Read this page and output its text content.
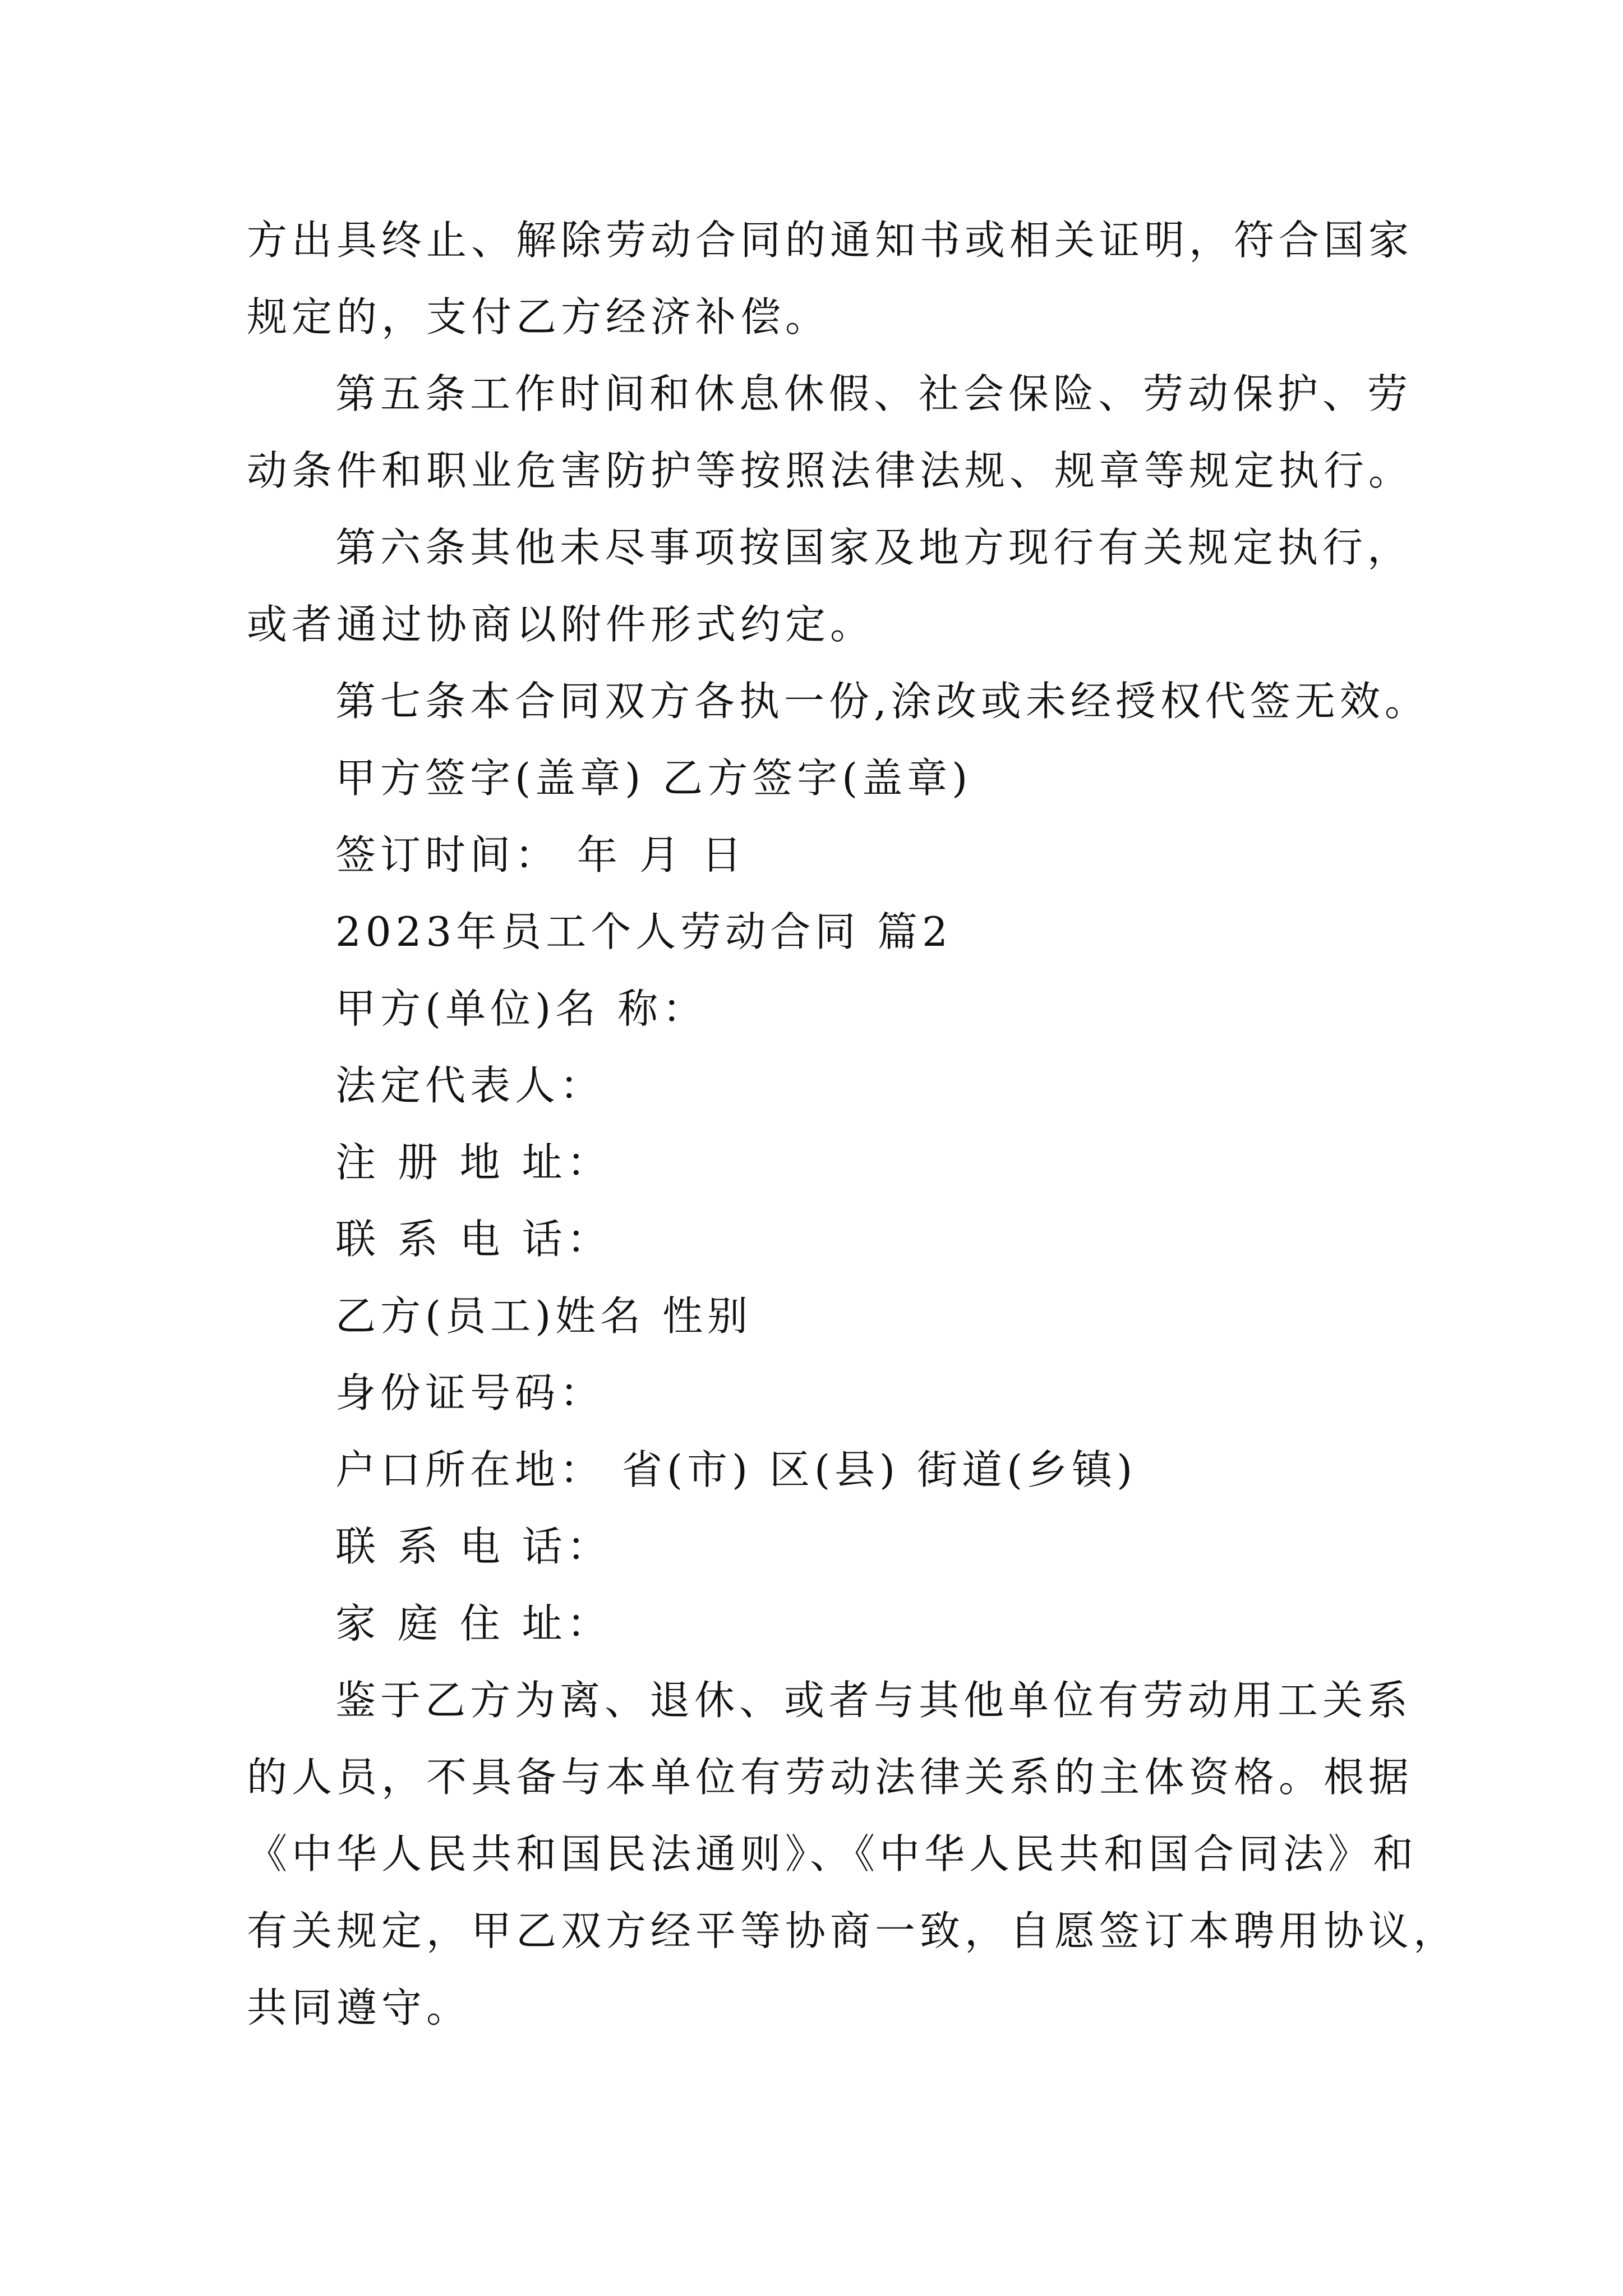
方出具终止、解除劳动合同的通知书或相关证明，符合国家
规定的，支付乙方经济补偿。
第五条工作时间和休息休假、社会保险、劳动保护、劳
动条件和职业危害防护等按照法律法规、规章等规定执行。
第六条其他未尽事项按国家及地方现行有关规定执行，
或者通过协商以附件形式约定。
第七条本合同双方各执一份,涂改或未经授权代签无效。
甲方签字(盖章) 乙方签字(盖章)
签订时间： 年 月 日
2023年员工个人劳动合同 篇2
甲方(单位)名 称：
法定代表人：
注 册 地 址：
联 系 电 话：
乙方(员工)姓名 性别
身份证号码：
户口所在地： 省(市) 区(县) 街道(乡镇)
联 系 电 话：
家 庭 住 址：
鉴于乙方为离、退休、或者与其他单位有劳动用工关系
的人员，不具备与本单位有劳动法律关系的主体资格。根据
《中华人民共和国民法通则》、《中华人民共和国合同法》和
有关规定，甲乙双方经平等协商一致，自愿签订本聘用协议，
共同遵守。
